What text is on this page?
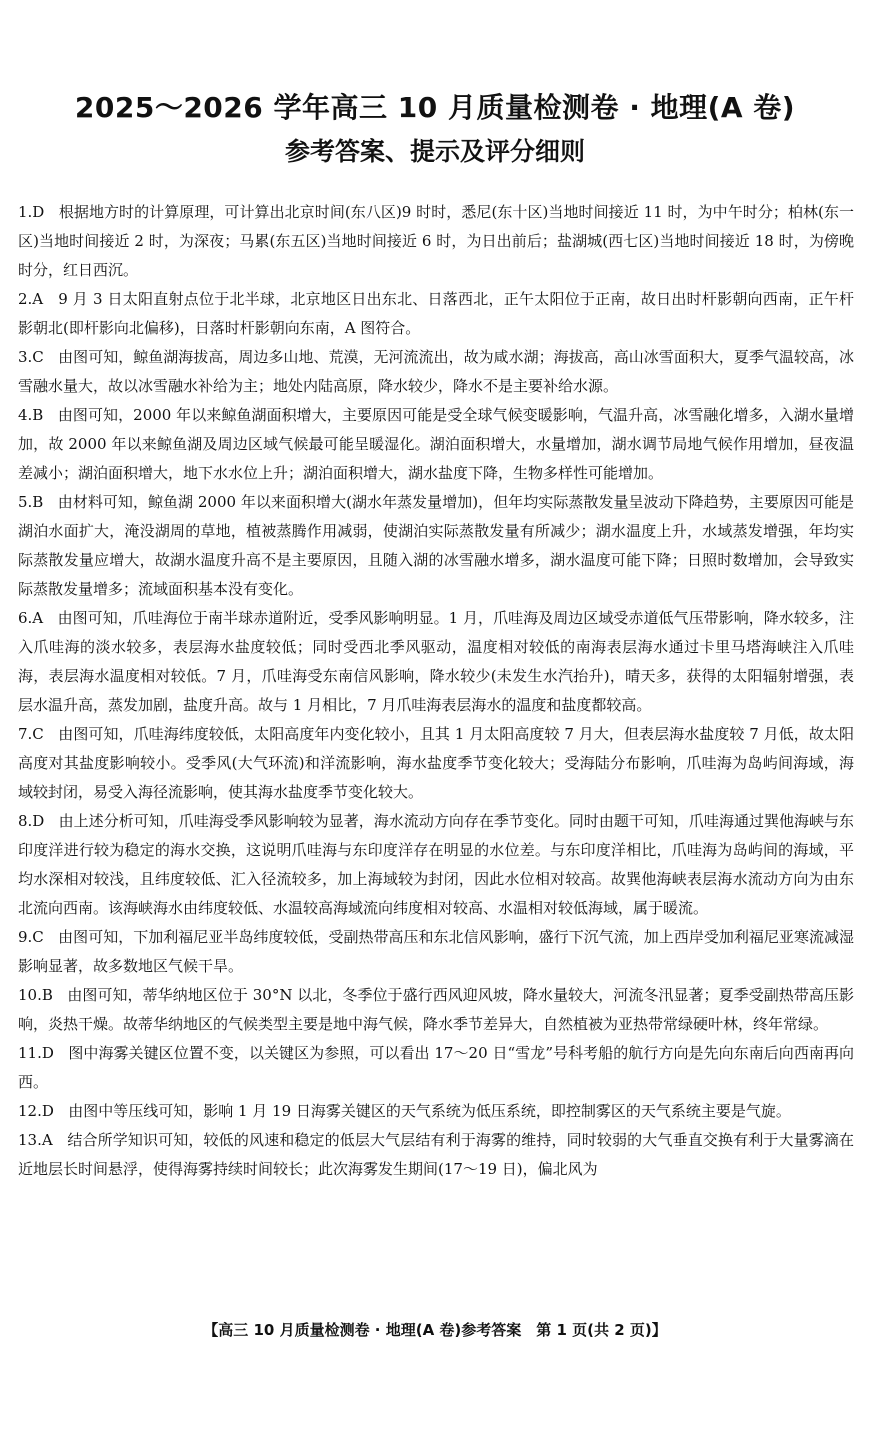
2025～2026 学年高三 10 月质量检测卷 · 地理(A 卷)
参考答案、提示及评分细则

1.D 根据地方时的计算原理，可计算出北京时间(东八区)9 时时，悉尼(东十区)当地时间接近 11 时，为中午时分；柏林(东一区)当地时间接近 2 时，为深夜；马累(东五区)当地时间接近 6 时，为日出前后；盐湖城(西七区)当地时间接近 18 时，为傍晚时分，红日西沉。

2.A 9 月 3 日太阳直射点位于北半球，北京地区日出东北、日落西北，正午太阳位于正南，故日出时杆影朝向西南，正午杆影朝北(即杆影向北偏移)，日落时杆影朝向东南，A 图符合。

3.C 由图可知，鲸鱼湖海拔高，周边多山地、荒漠，无河流流出，故为咸水湖；海拔高，高山冰雪面积大，夏季气温较高，冰雪融水量大，故以冰雪融水补给为主；地处内陆高原，降水较少，降水不是主要补给水源。

4.B 由图可知，2000 年以来鲸鱼湖面积增大，主要原因可能是受全球气候变暖影响，气温升高，冰雪融化增多，入湖水量增加，故 2000 年以来鲸鱼湖及周边区域气候最可能呈暖湿化。湖泊面积增大，水量增加，湖水调节局地气候作用增加，昼夜温差减小；湖泊面积增大，地下水水位上升；湖泊面积增大，湖水盐度下降，生物多样性可能增加。

5.B 由材料可知，鲸鱼湖 2000 年以来面积增大(湖水年蒸发量增加)，但年均实际蒸散发量呈波动下降趋势，主要原因可能是湖泊水面扩大，淹没湖周的草地，植被蒸腾作用减弱，使湖泊实际蒸散发量有所减少；湖水温度上升，水域蒸发增强，年均实际蒸散发量应增大，故湖水温度升高不是主要原因，且随入湖的冰雪融水增多，湖水温度可能下降；日照时数增加，会导致实际蒸散发量增多；流域面积基本没有变化。

6.A 由图可知，爪哇海位于南半球赤道附近，受季风影响明显。1 月，爪哇海及周边区域受赤道低气压带影响，降水较多，注入爪哇海的淡水较多，表层海水盐度较低；同时受西北季风驱动，温度相对较低的南海表层海水通过卡里马塔海峡注入爪哇海，表层海水温度相对较低。7 月，爪哇海受东南信风影响，降水较少(未发生水汽抬升)，晴天多，获得的太阳辐射增强，表层水温升高，蒸发加剧，盐度升高。故与 1 月相比，7 月爪哇海表层海水的温度和盐度都较高。

7.C 由图可知，爪哇海纬度较低，太阳高度年内变化较小，且其 1 月太阳高度较 7 月大，但表层海水盐度较 7 月低，故太阳高度对其盐度影响较小。受季风(大气环流)和洋流影响，海水盐度季节变化较大；受海陆分布影响，爪哇海为岛屿间海域，海域较封闭，易受入海径流影响，使其海水盐度季节变化较大。

8.D 由上述分析可知，爪哇海受季风影响较为显著，海水流动方向存在季节变化。同时由题干可知，爪哇海通过巽他海峡与东印度洋进行较为稳定的海水交换，这说明爪哇海与东印度洋存在明显的水位差。与东印度洋相比，爪哇海为岛屿间的海域，平均水深相对较浅，且纬度较低、汇入径流较多，加上海域较为封闭，因此水位相对较高。故巽他海峡表层海水流动方向为由东北流向西南。该海峡海水由纬度较低、水温较高海域流向纬度相对较高、水温相对较低海域，属于暖流。

9.C 由图可知，下加利福尼亚半岛纬度较低，受副热带高压和东北信风影响，盛行下沉气流，加上西岸受加利福尼亚寒流减湿影响显著，故多数地区气候干旱。

10.B 由图可知，蒂华纳地区位于 30°N 以北，冬季位于盛行西风迎风坡，降水量较大，河流冬汛显著；夏季受副热带高压影响，炎热干燥。故蒂华纳地区的气候类型主要是地中海气候，降水季节差异大，自然植被为亚热带常绿硬叶林，终年常绿。

11.D 图中海雾关键区位置不变，以关键区为参照，可以看出 17～20 日“雪龙”号科考船的航行方向是先向东南后向西南再向西。

12.D 由图中等压线可知，影响 1 月 19 日海雾关键区的天气系统为低压系统，即控制雾区的天气系统主要是气旋。

13.A 结合所学知识可知，较低的风速和稳定的低层大气层结有利于海雾的维持，同时较弱的大气垂直交换有利于大量雾滴在近地层长时间悬浮，使得海雾持续时间较长；此次海雾发生期间(17～19 日)，偏北风为

【高三 10 月质量检测卷 · 地理(A 卷)参考答案　第 1 页(共 2 页)】
